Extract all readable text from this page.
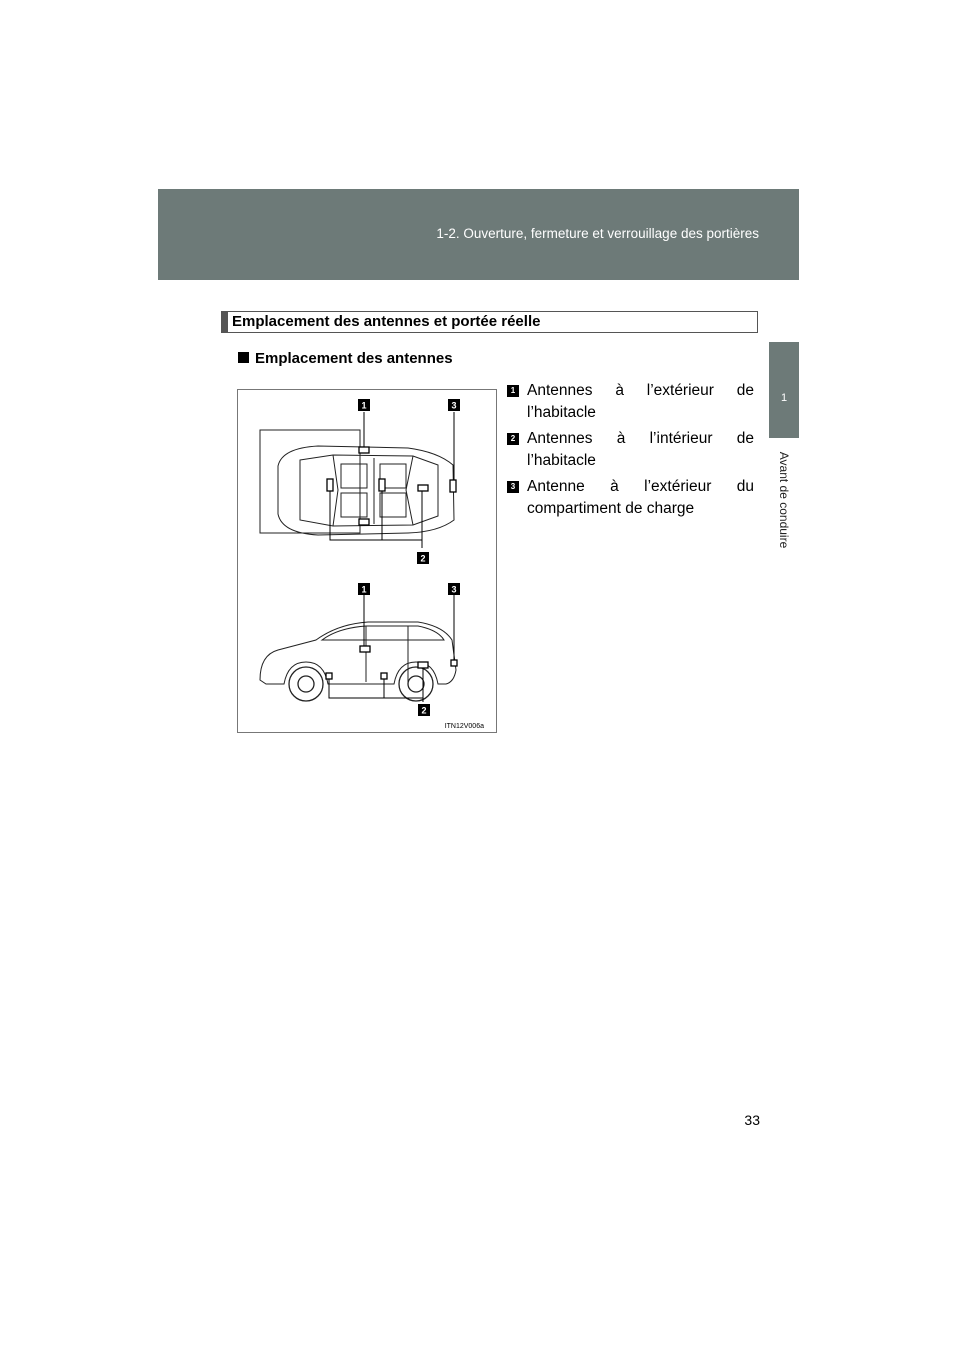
1-2. Ouverture, fermeture et verrouillage des portières
1
Avant de conduire
Emplacement des antennes et portée réelle
Emplacement des antennes
1	3
2
1	3
2
ITN12V006a
1 Antennes à l’extérieur de l’habitacle
2 Antennes à l’intérieur de l’habitacle
3 Antenne à l’extérieur du compartiment de charge
33
